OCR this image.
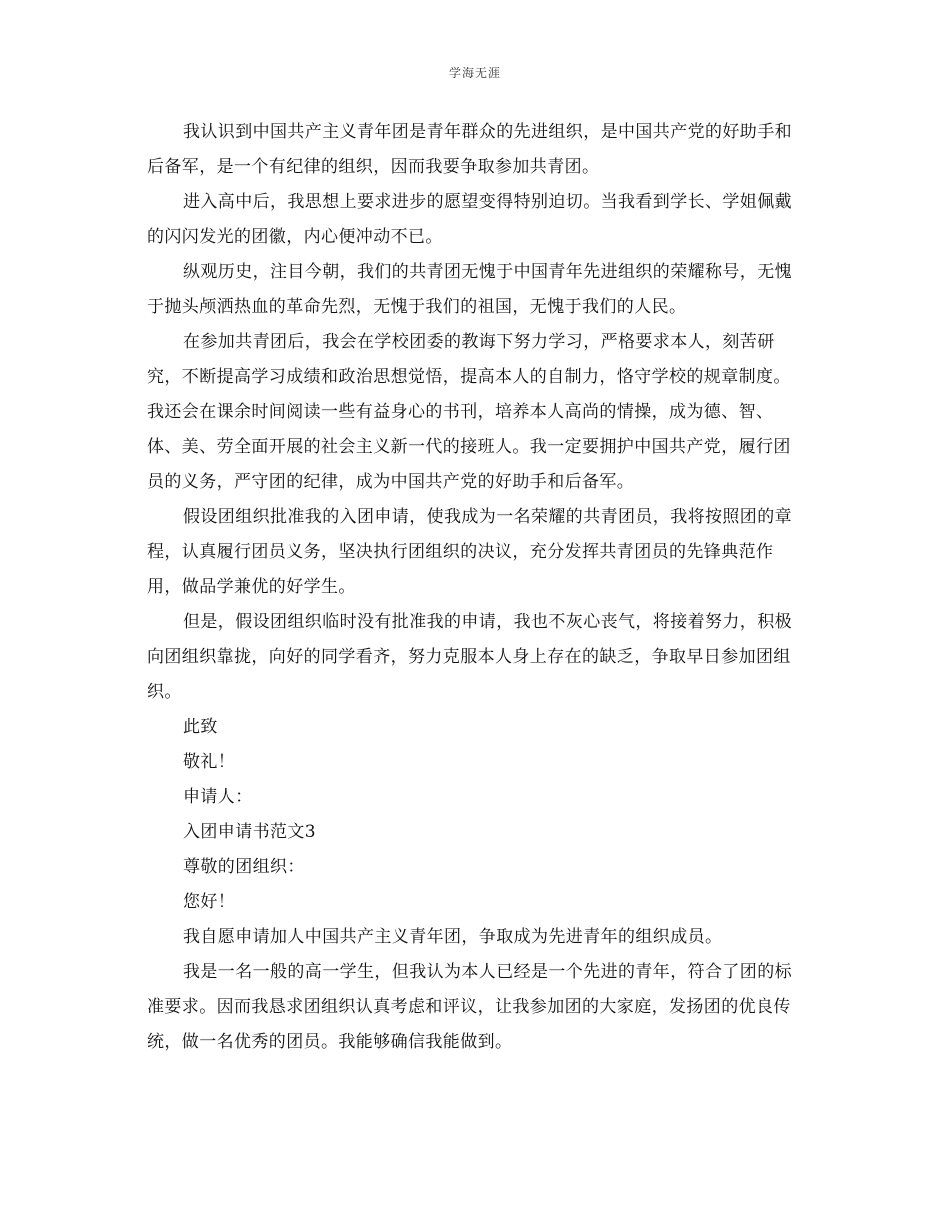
学海无涯

我认识到中国共产主义青年团是青年群众的先进组织，是中国共产党的好助手和后备军，是一个有纪律的组织，因而我要争取参加共青团。

进入高中后，我思想上要求进步的愿望变得特别迫切。当我看到学长、学姐佩戴的闪闪发光的团徽，内心便冲动不已。

纵观历史，注目今朝，我们的共青团无愧于中国青年先进组织的荣耀称号，无愧于抛头颅洒热血的革命先烈，无愧于我们的祖国，无愧于我们的人民。

在参加共青团后，我会在学校团委的教诲下努力学习，严格要求本人，刻苦研究，不断提高学习成绩和政治思想觉悟，提高本人的自制力，恪守学校的规章制度。我还会在课余时间阅读一些有益身心的书刊，培养本人高尚的情操，成为德、智、体、美、劳全面开展的社会主义新一代的接班人。我一定要拥护中国共产党，履行团员的义务，严守团的纪律，成为中国共产党的好助手和后备军。

假设团组织批准我的入团申请，使我成为一名荣耀的共青团员，我将按照团的章程，认真履行团员义务，坚决执行团组织的决议，充分发挥共青团员的先锋典范作用，做品学兼优的好学生。

但是，假设团组织临时没有批准我的申请，我也不灰心丧气，将接着努力，积极向团组织靠拢，向好的同学看齐，努力克服本人身上存在的缺乏，争取早日参加团组织。

此致

敬礼！

申请人：

入团申请书范文3

尊敬的团组织：

您好！

我自愿申请加人中国共产主义青年团，争取成为先进青年的组织成员。

我是一名一般的高一学生，但我认为本人已经是一个先进的青年，符合了团的标准要求。因而我恳求团组织认真考虑和评议，让我参加团的大家庭，发扬团的优良传统，做一名优秀的团员。我能够确信我能做到。
